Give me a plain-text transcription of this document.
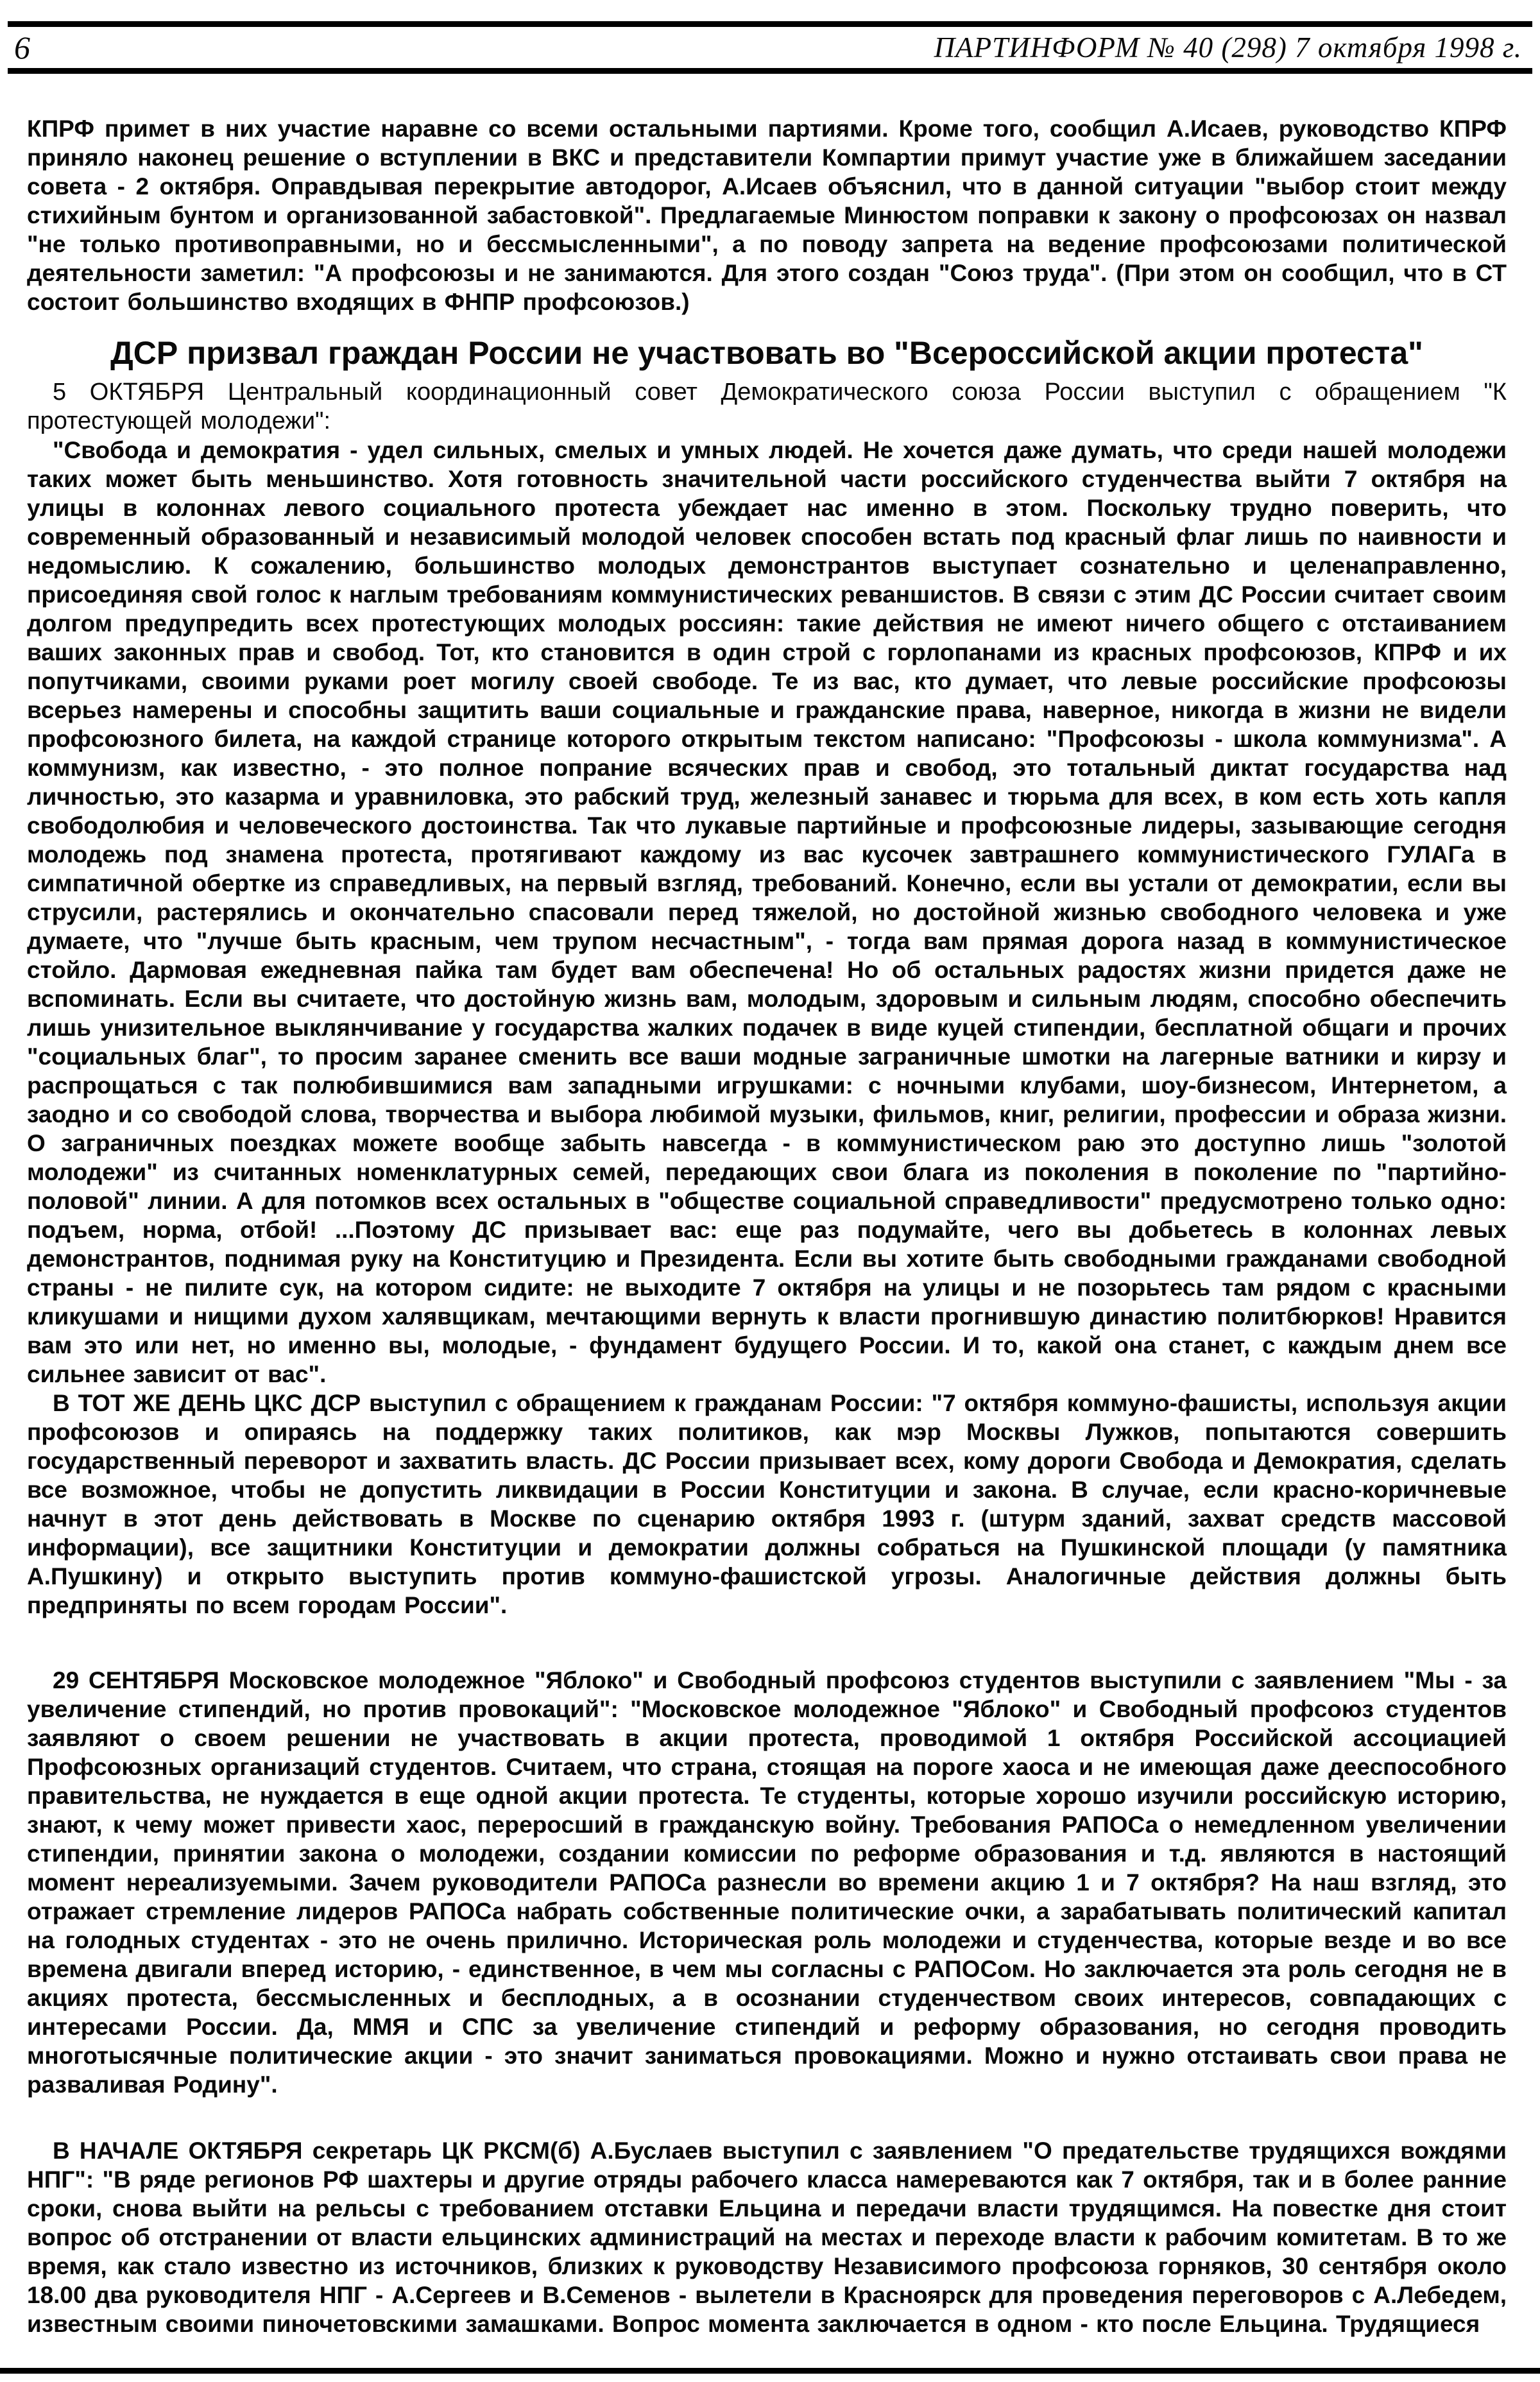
6	ПАРТИНФОРМ № 40 (298) 7 октября 1998 г.

КПРФ примет в них участие наравне со всеми остальными партиями. Кроме того, сообщил А.Исаев, руководство КПРФ приняло наконец решение о вступлении в ВКС и представители Компартии примут участие уже в ближайшем заседании совета - 2 октября. Оправдывая перекрытие автодорог, А.Исаев объяснил, что в данной ситуации "выбор стоит между стихийным бунтом и организованной забастовкой". Предлагаемые Минюстом поправки к закону о профсоюзах он назвал "не только противоправными, но и бессмысленными", а по поводу запрета на ведение профсоюзами политической деятельности заметил: "А профсоюзы и не занимаются. Для этого создан "Союз труда". (При этом он сообщил, что в СТ состоит большинство входящих в ФНПР профсоюзов.)

ДСР призвал граждан России не участвовать во "Всероссийской акции протеста"

5 ОКТЯБРЯ Центральный координационный совет Демократического союза России выступил с обращением "К протестующей молодежи":

"Свобода и демократия - удел сильных, смелых и умных людей. Не хочется даже думать, что среди нашей молодежи таких может быть меньшинство. Хотя готовность значительной части российского студенчества выйти 7 октября на улицы в колоннах левого социального протеста убеждает нас именно в этом. Поскольку трудно поверить, что современный образованный и независимый молодой человек способен встать под красный флаг лишь по наивности и недомыслию. К сожалению, большинство молодых демонстрантов выступает сознательно и целенаправленно, присоединяя свой голос к наглым требованиям коммунистических реваншистов. В связи с этим ДС России считает своим долгом предупредить всех протестующих молодых россиян: такие действия не имеют ничего общего с отстаиванием ваших законных прав и свобод. Тот, кто становится в один строй с горлопанами из красных профсоюзов, КПРФ и их попутчиками, своими руками роет могилу своей свободе. Те из вас, кто думает, что левые российские профсоюзы всерьез намерены и способны защитить ваши социальные и гражданские права, наверное, никогда в жизни не видели профсоюзного билета, на каждой странице которого открытым текстом написано: "Профсоюзы - школа коммунизма". А коммунизм, как известно, - это полное попрание всяческих прав и свобод, это тотальный диктат государства над личностью, это казарма и уравниловка, это рабский труд, железный занавес и тюрьма для всех, в ком есть хоть капля свободолюбия и человеческого достоинства. Так что лукавые партийные и профсоюзные лидеры, зазывающие сегодня молодежь под знамена протеста, протягивают каждому из вас кусочек завтрашнего коммунистического ГУЛАГа в симпатичной обертке из справедливых, на первый взгляд, требований. Конечно, если вы устали от демократии, если вы струсили, растерялись и окончательно спасовали перед тяжелой, но достойной жизнью свободного человека и уже думаете, что "лучше быть красным, чем трупом несчастным", - тогда вам прямая дорога назад в коммунистическое стойло. Дармовая ежедневная пайка там будет вам обеспечена! Но об остальных радостях жизни придется даже не вспоминать. Если вы считаете, что достойную жизнь вам, молодым, здоровым и сильным людям, способно обеспечить лишь унизительное выклянчивание у государства жалких подачек в виде куцей стипендии, бесплатной общаги и прочих "социальных благ", то просим заранее сменить все ваши модные заграничные шмотки на лагерные ватники и кирзу и распрощаться с так полюбившимися вам западными игрушками: с ночными клубами, шоу-бизнесом, Интернетом, а заодно и со свободой слова, творчества и выбора любимой музыки, фильмов, книг, религии, профессии и образа жизни. О заграничных поездках можете вообще забыть навсегда - в коммунистическом раю это доступно лишь "золотой молодежи" из считанных номенклатурных семей, передающих свои блага из поколения в поколение по "партийно-половой" линии. А для потомков всех остальных в "обществе социальной справедливости" предусмотрено только одно: подъем, норма, отбой! ...Поэтому ДС призывает вас: еще раз подумайте, чего вы добьетесь в колоннах левых демонстрантов, поднимая руку на Конституцию и Президента. Если вы хотите быть свободными гражданами свободной страны - не пилите сук, на котором сидите: не выходите 7 октября на улицы и не позорьтесь там рядом с красными кликушами и нищими духом халявщикам, мечтающими вернуть к власти прогнившую династию политбюрков! Нравится вам это или нет, но именно вы, молодые, - фундамент будущего России. И то, какой она станет, с каждым днем все сильнее зависит от вас".

В ТОТ ЖЕ ДЕНЬ ЦКС ДСР выступил с обращением к гражданам России: "7 октября коммуно-фашисты, используя акции профсоюзов и опираясь на поддержку таких политиков, как мэр Москвы Лужков, попытаются совершить государственный переворот и захватить власть. ДС России призывает всех, кому дороги Свобода и Демократия, сделать все возможное, чтобы не допустить ликвидации в России Конституции и закона. В случае, если красно-коричневые начнут в этот день действовать в Москве по сценарию октября 1993 г. (штурм зданий, захват средств массовой информации), все защитники Конституции и демократии должны собраться на Пушкинской площади (у памятника А.Пушкину) и открыто выступить против коммуно-фашистской угрозы. Аналогичные действия должны быть предприняты по всем городам России".

29 СЕНТЯБРЯ Московское молодежное "Яблоко" и Свободный профсоюз студентов выступили с заявлением "Мы - за увеличение стипендий, но против провокаций": "Московское молодежное "Яблоко" и Свободный профсоюз студентов заявляют о своем решении не участвовать в акции протеста, проводимой 1 октября Российской ассоциацией Профсоюзных организаций студентов. Считаем, что страна, стоящая на пороге хаоса и не имеющая даже дееспособного правительства, не нуждается в еще одной акции протеста. Те студенты, которые хорошо изучили российскую историю, знают, к чему может привести хаос, переросший в гражданскую войну. Требования РАПОСа о немедленном увеличении стипендии, принятии закона о молодежи, создании комиссии по реформе образования и т.д. являются в настоящий момент нереализуемыми. Зачем руководители РАПОСа разнесли во времени акцию 1 и 7 октября? На наш взгляд, это отражает стремление лидеров РАПОСа набрать собственные политические очки, а зарабатывать политический капитал на голодных студентах - это не очень прилично. Историческая роль молодежи и студенчества, которые везде и во все времена двигали вперед историю, - единственное, в чем мы согласны с РАПОСом. Но заключается эта роль сегодня не в акциях протеста, бессмысленных и бесплодных, а в осознании студенчеством своих интересов, совпадающих с интересами России. Да, ММЯ и СПС за увеличение стипендий и реформу образования, но сегодня проводить многотысячные политические акции - это значит заниматься провокациями. Можно и нужно отстаивать свои права не разваливая Родину".

В НАЧАЛЕ ОКТЯБРЯ секретарь ЦК РКСМ(б) А.Буслаев выступил с заявлением "О предательстве трудящихся вождями НПГ": "В ряде регионов РФ шахтеры и другие отряды рабочего класса намереваются как 7 октября, так и в более ранние сроки, снова выйти на рельсы с требованием отставки Ельцина и передачи власти трудящимся. На повестке дня стоит вопрос об отстранении от власти ельцинских администраций на местах и переходе власти к рабочим комитетам. В то же время, как стало известно из источников, близких к руководству Независимого профсоюза горняков, 30 сентября около 18.00 два руководителя НПГ - А.Сергеев и В.Семенов - вылетели в Красноярск для проведения переговоров с А.Лебедем, известным своими пиночетовскими замашками. Вопрос момента заключается в одном - кто после Ельцина. Трудящиеся
